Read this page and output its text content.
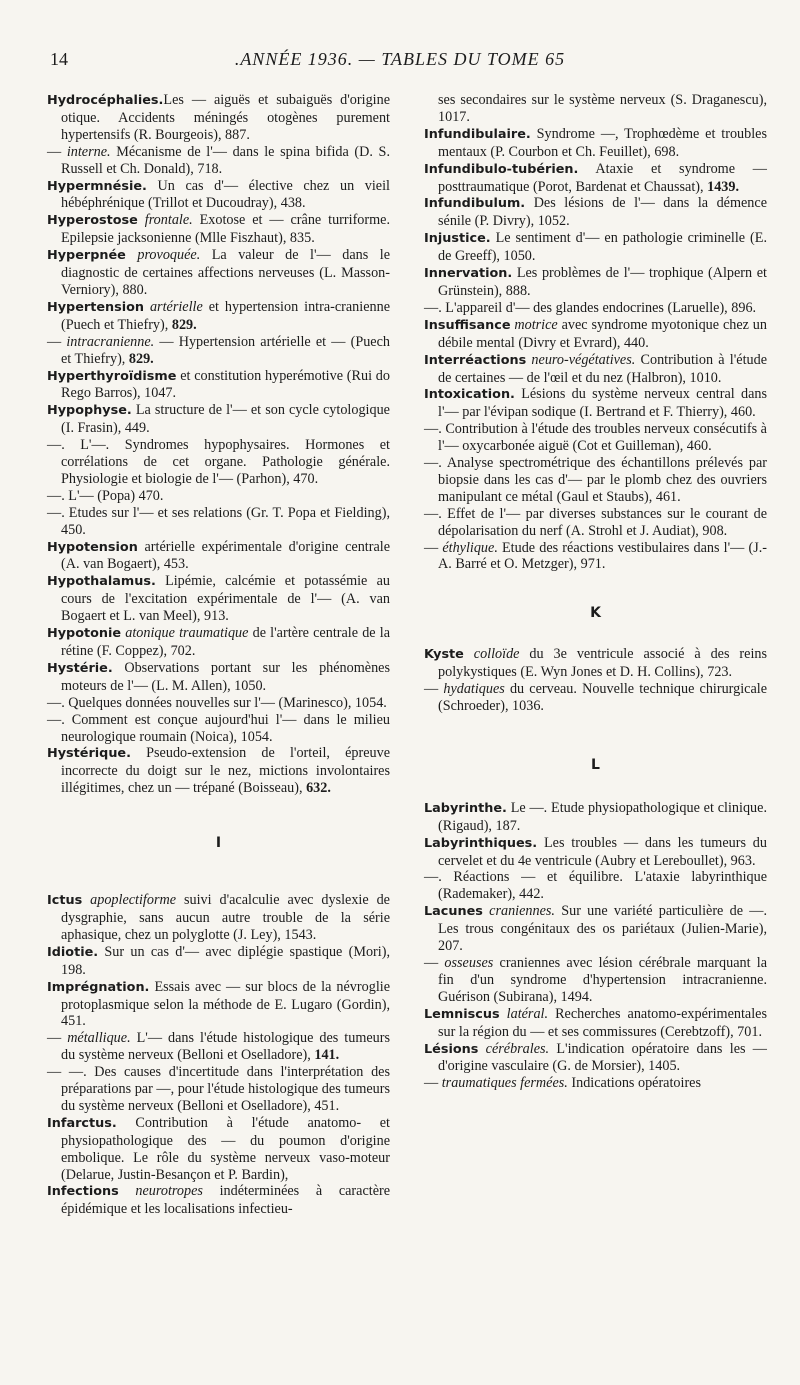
14	.ANNÉE 1936. — TABLES DU TOME 65

Hydrocéphalies.Les — aiguës et subaiguës d'origine otique. Accidents méningés otogènes purement hypertensifs (R. Bourgeois), 887.

— interne. Mécanisme de l'— dans le spina bifida (D. S. Russell et Ch. Donald), 718.

Hypermnésie. Un cas d'— élective chez un vieil hébéphrénique (Trillot et Ducoudray), 438.

Hyperostose frontale. Exotose et — crâne turriforme. Epilepsie jacksonienne (Mlle Fiszhaut), 835.

Hyperpnée provoquée. La valeur de l'— dans le diagnostic de certaines affections nerveuses (L. Masson-Verniory), 880.

Hypertension artérielle et hypertension intra-cranienne (Puech et Thiefry), 829.

— intracranienne. — Hypertension artérielle et — (Puech et Thiefry), 829.

Hyperthyroïdisme et constitution hyperémotive (Rui do Rego Barros), 1047.

Hypophyse. La structure de l'— et son cycle cytologique (I. Frasin), 449.

—. L'—. Syndromes hypophysaires. Hormones et corrélations de cet organe. Pathologie générale. Physiologie et biologie de l'— (Parhon), 470.

—. L'— (Popa) 470.

—. Etudes sur l'— et ses relations (Gr. T. Popa et Fielding), 450.

Hypotension artérielle expérimentale d'origine centrale (A. van Bogaert), 453.

Hypothalamus. Lipémie, calcémie et potassémie au cours de l'excitation expérimentale de l'— (A. van Bogaert et L. van Meel), 913.

Hypotonie atonique traumatique de l'artère centrale de la rétine (F. Coppez), 702.

Hystérie. Observations portant sur les phénomènes moteurs de l'— (L. M. Allen), 1050.

—. Quelques données nouvelles sur l'— (Marinesco), 1054.

—. Comment est conçue aujourd'hui l'— dans le milieu neurologique roumain (Noica), 1054.

Hystérique. Pseudo-extension de l'orteil, épreuve incorrecte du doigt sur le nez, mictions involontaires illégitimes, chez un — trépané (Boisseau), 632.

I

Ictus apoplectiforme suivi d'acalculie avec dyslexie de dysgraphie, sans aucun autre trouble de la série aphasique, chez un polyglotte (J. Ley), 1543.

Idiotie. Sur un cas d'— avec diplégie spastique (Mori), 198.

Imprégnation. Essais avec — sur blocs de la névroglie protoplasmique selon la méthode de E. Lugaro (Gordin), 451.

— métallique. L'— dans l'étude histologique des tumeurs du système nerveux (Belloni et Oselladore), 141.

— —. Des causes d'incertitude dans l'interprétation des préparations par —, pour l'étude histologique des tumeurs du système nerveux (Belloni et Oselladore), 451.

Infarctus. Contribution à l'étude anatomo- et physiopathologique des — du poumon d'origine embolique. Le rôle du système nerveux vaso-moteur (Delarue, Justin-Besançon et P. Bardin),

Infections neurotropes indéterminées à caractère épidémique et les localisations infectieu-

ses secondaires sur le système nerveux (S. Draganescu), 1017.

Infundibulaire. Syndrome —, Trophœdème et troubles mentaux (P. Courbon et Ch. Feuillet), 698.

Infundibulo-tubérien. Ataxie et syndrome — posttraumatique (Porot, Bardenat et Chaussat), 1439.

Infundibulum. Des lésions de l'— dans la démence sénile (P. Divry), 1052.

Injustice. Le sentiment d'— en pathologie criminelle (E. de Greeff), 1050.

Innervation. Les problèmes de l'— trophique (Alpern et Grünstein), 888.

—. L'appareil d'— des glandes endocrines (Laruelle), 896.

Insuffisance motrice avec syndrome myotonique chez un débile mental (Divry et Evrard), 440.

Interréactions neuro-végétatives. Contribution à l'étude de certaines — de l'œil et du nez (Halbron), 1010.

Intoxication. Lésions du système nerveux central dans l'— par l'évipan sodique (I. Bertrand et F. Thierry), 460.

—. Contribution à l'étude des troubles nerveux consécutifs à l'— oxycarbonée aiguë (Cot et Guilleman), 460.

—. Analyse spectrométrique des échantillons prélevés par biopsie dans les cas d'— par le plomb chez des ouvriers manipulant ce métal (Gaul et Staubs), 461.

—. Effet de l'— par diverses substances sur le courant de dépolarisation du nerf (A. Strohl et J. Audiat), 908.

— éthylique. Etude des réactions vestibulaires dans l'— (J.-A. Barré et O. Metzger), 971.

K

Kyste colloïde du 3e ventricule associé à des reins polykystiques (E. Wyn Jones et D. H. Collins), 723.

— hydatiques du cerveau. Nouvelle technique chirurgicale (Schroeder), 1036.

L

Labyrinthe. Le —. Etude physiopathologique et clinique. (Rigaud), 187.

Labyrinthiques. Les troubles — dans les tumeurs du cervelet et du 4e ventricule (Aubry et Lereboullet), 963.

—. Réactions — et équilibre. L'ataxie labyrinthique (Rademaker), 442.

Lacunes craniennes. Sur une variété particulière de —. Les trous congénitaux des os pariétaux (Julien-Marie), 207.

— osseuses craniennes avec lésion cérébrale marquant la fin d'un syndrome d'hypertension intracranienne. Guérison (Subirana), 1494.

Lemniscus latéral. Recherches anatomo-expérimentales sur la région du — et ses commissures (Cerebtzoff), 701.

Lésions cérébrales. L'indication opératoire dans les — d'origine vasculaire (G. de Morsier), 1405.

— traumatiques fermées. Indications opératoires
